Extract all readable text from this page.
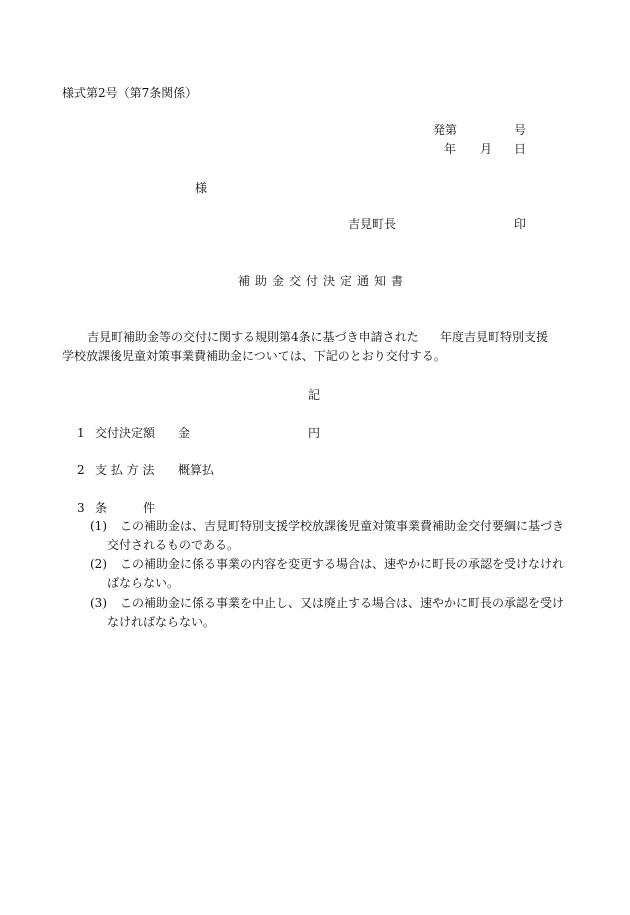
様式第2号（第7条関係）
発第	号
年 月 日
様
吉見町長	印
補助金交付決定通知書
吉見町補助金等の交付に関する規則第4条に基づき申請された 年度吉見町特別支援
学校放課後児童対策事業費補助金については、下記のとおり交付する。
記
1 交付決定額 金	円
2 支 払 方 法 概算払
3 条	件
(1) この補助金は、吉見町特別支援学校放課後児童対策事業費補助金交付要綱に基づき
交付されるものである。
(2) この補助金に係る事業の内容を変更する場合は、速やかに町長の承認を受けなけれ
ばならない。
(3) この補助金に係る事業を中止し、又は廃止する場合は、速やかに町長の承認を受け
なければならない。
